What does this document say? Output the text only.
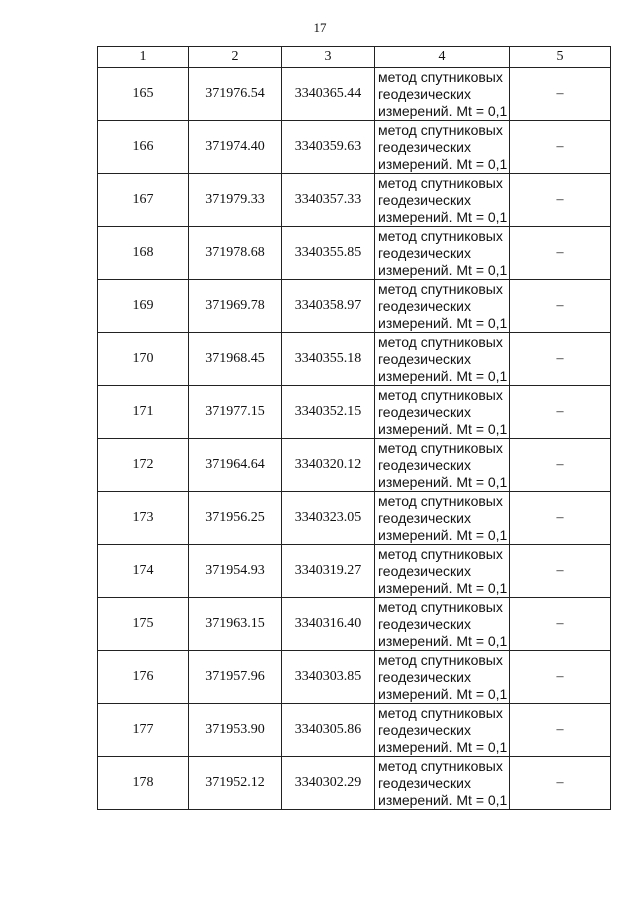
17
1	2	3	4	5
165	371976.54	3340365.44	метод спутниковых
геодезических
измерений. Mt = 0,1	–
166	371974.40	3340359.63	метод спутниковых
геодезических
измерений. Mt = 0,1	–
167	371979.33	3340357.33	метод спутниковых
геодезических
измерений. Mt = 0,1	–
168	371978.68	3340355.85	метод спутниковых
геодезических
измерений. Mt = 0,1	–
169	371969.78	3340358.97	метод спутниковых
геодезических
измерений. Mt = 0,1	–
170	371968.45	3340355.18	метод спутниковых
геодезических
измерений. Mt = 0,1	–
171	371977.15	3340352.15	метод спутниковых
геодезических
измерений. Mt = 0,1	–
172	371964.64	3340320.12	метод спутниковых
геодезических
измерений. Mt = 0,1	–
173	371956.25	3340323.05	метод спутниковых
геодезических
измерений. Mt = 0,1	–
174	371954.93	3340319.27	метод спутниковых
геодезических
измерений. Mt = 0,1	–
175	371963.15	3340316.40	метод спутниковых
геодезических
измерений. Mt = 0,1	–
176	371957.96	3340303.85	метод спутниковых
геодезических
измерений. Mt = 0,1	–
177	371953.90	3340305.86	метод спутниковых
геодезических
измерений. Mt = 0,1	–
178	371952.12	3340302.29	метод спутниковых
геодезических
измерений. Mt = 0,1	–
